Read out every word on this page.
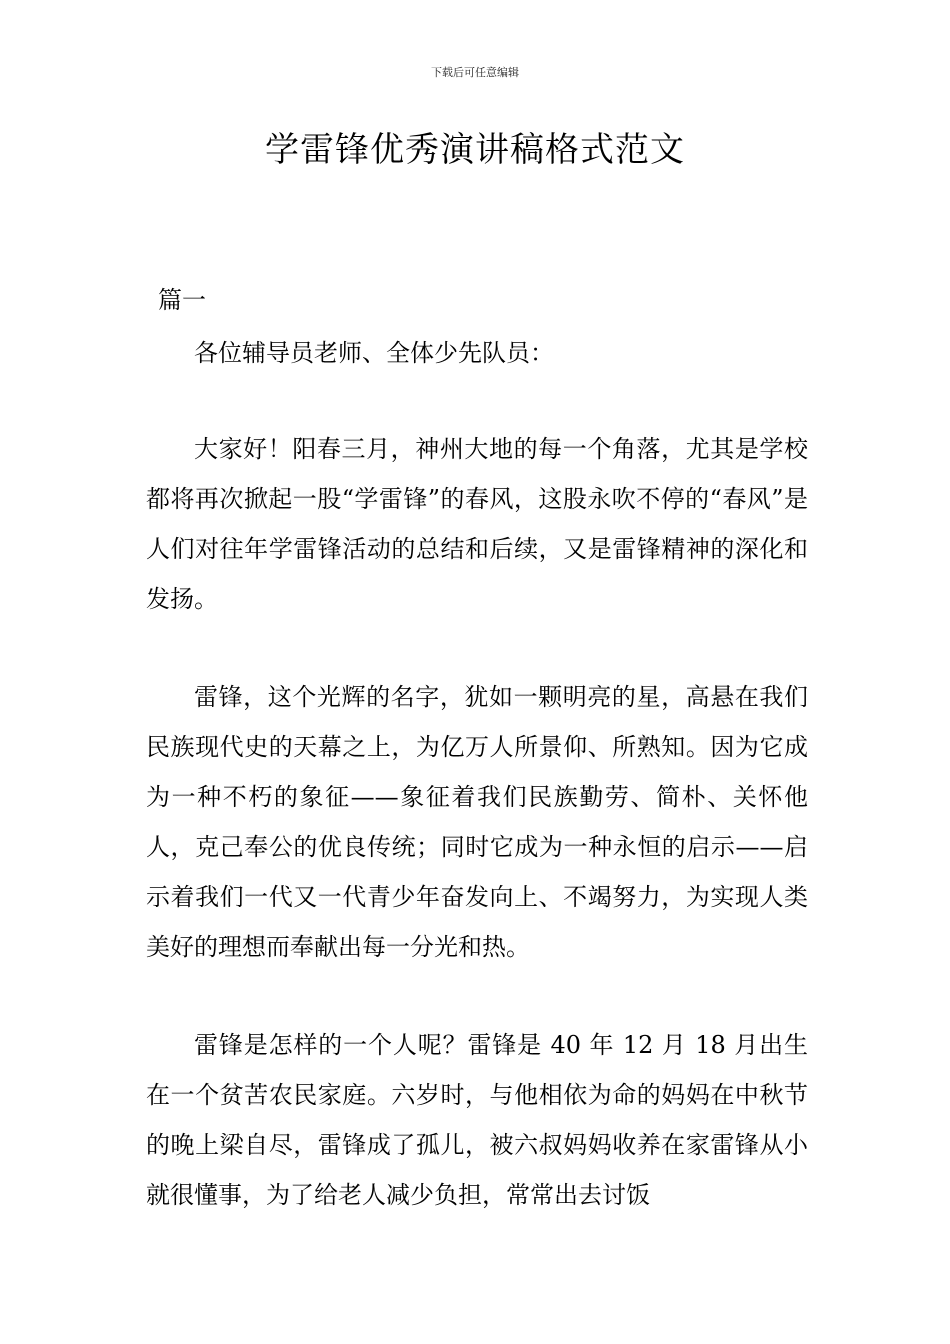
下载后可任意编辑
学雷锋优秀演讲稿格式范文
篇一

各位辅导员老师、全体少先队员：

大家好！阳春三月，神州大地的每一个角落，尤其是学校都将再次掀起一股“学雷锋”的春风，这股永吹不停的“春风”是人们对往年学雷锋活动的总结和后续，又是雷锋精神的深化和发扬。

雷锋，这个光辉的名字，犹如一颗明亮的星，高悬在我们民族现代史的天幕之上，为亿万人所景仰、所熟知。因为它成为一种不朽的象征——象征着我们民族勤劳、简朴、关怀他人，克己奉公的优良传统；同时它成为一种永恒的启示——启示着我们一代又一代青少年奋发向上、不竭努力，为实现人类美好的理想而奉献出每一分光和热。

雷锋是怎样的一个人呢？雷锋是 40 年 12 月 18 月出生在一个贫苦农民家庭。六岁时，与他相依为命的妈妈在中秋节的晚上梁自尽，雷锋成了孤儿，被六叔妈妈收养在家雷锋从小就很懂事，为了给老人减少负担，常常出去讨饭
